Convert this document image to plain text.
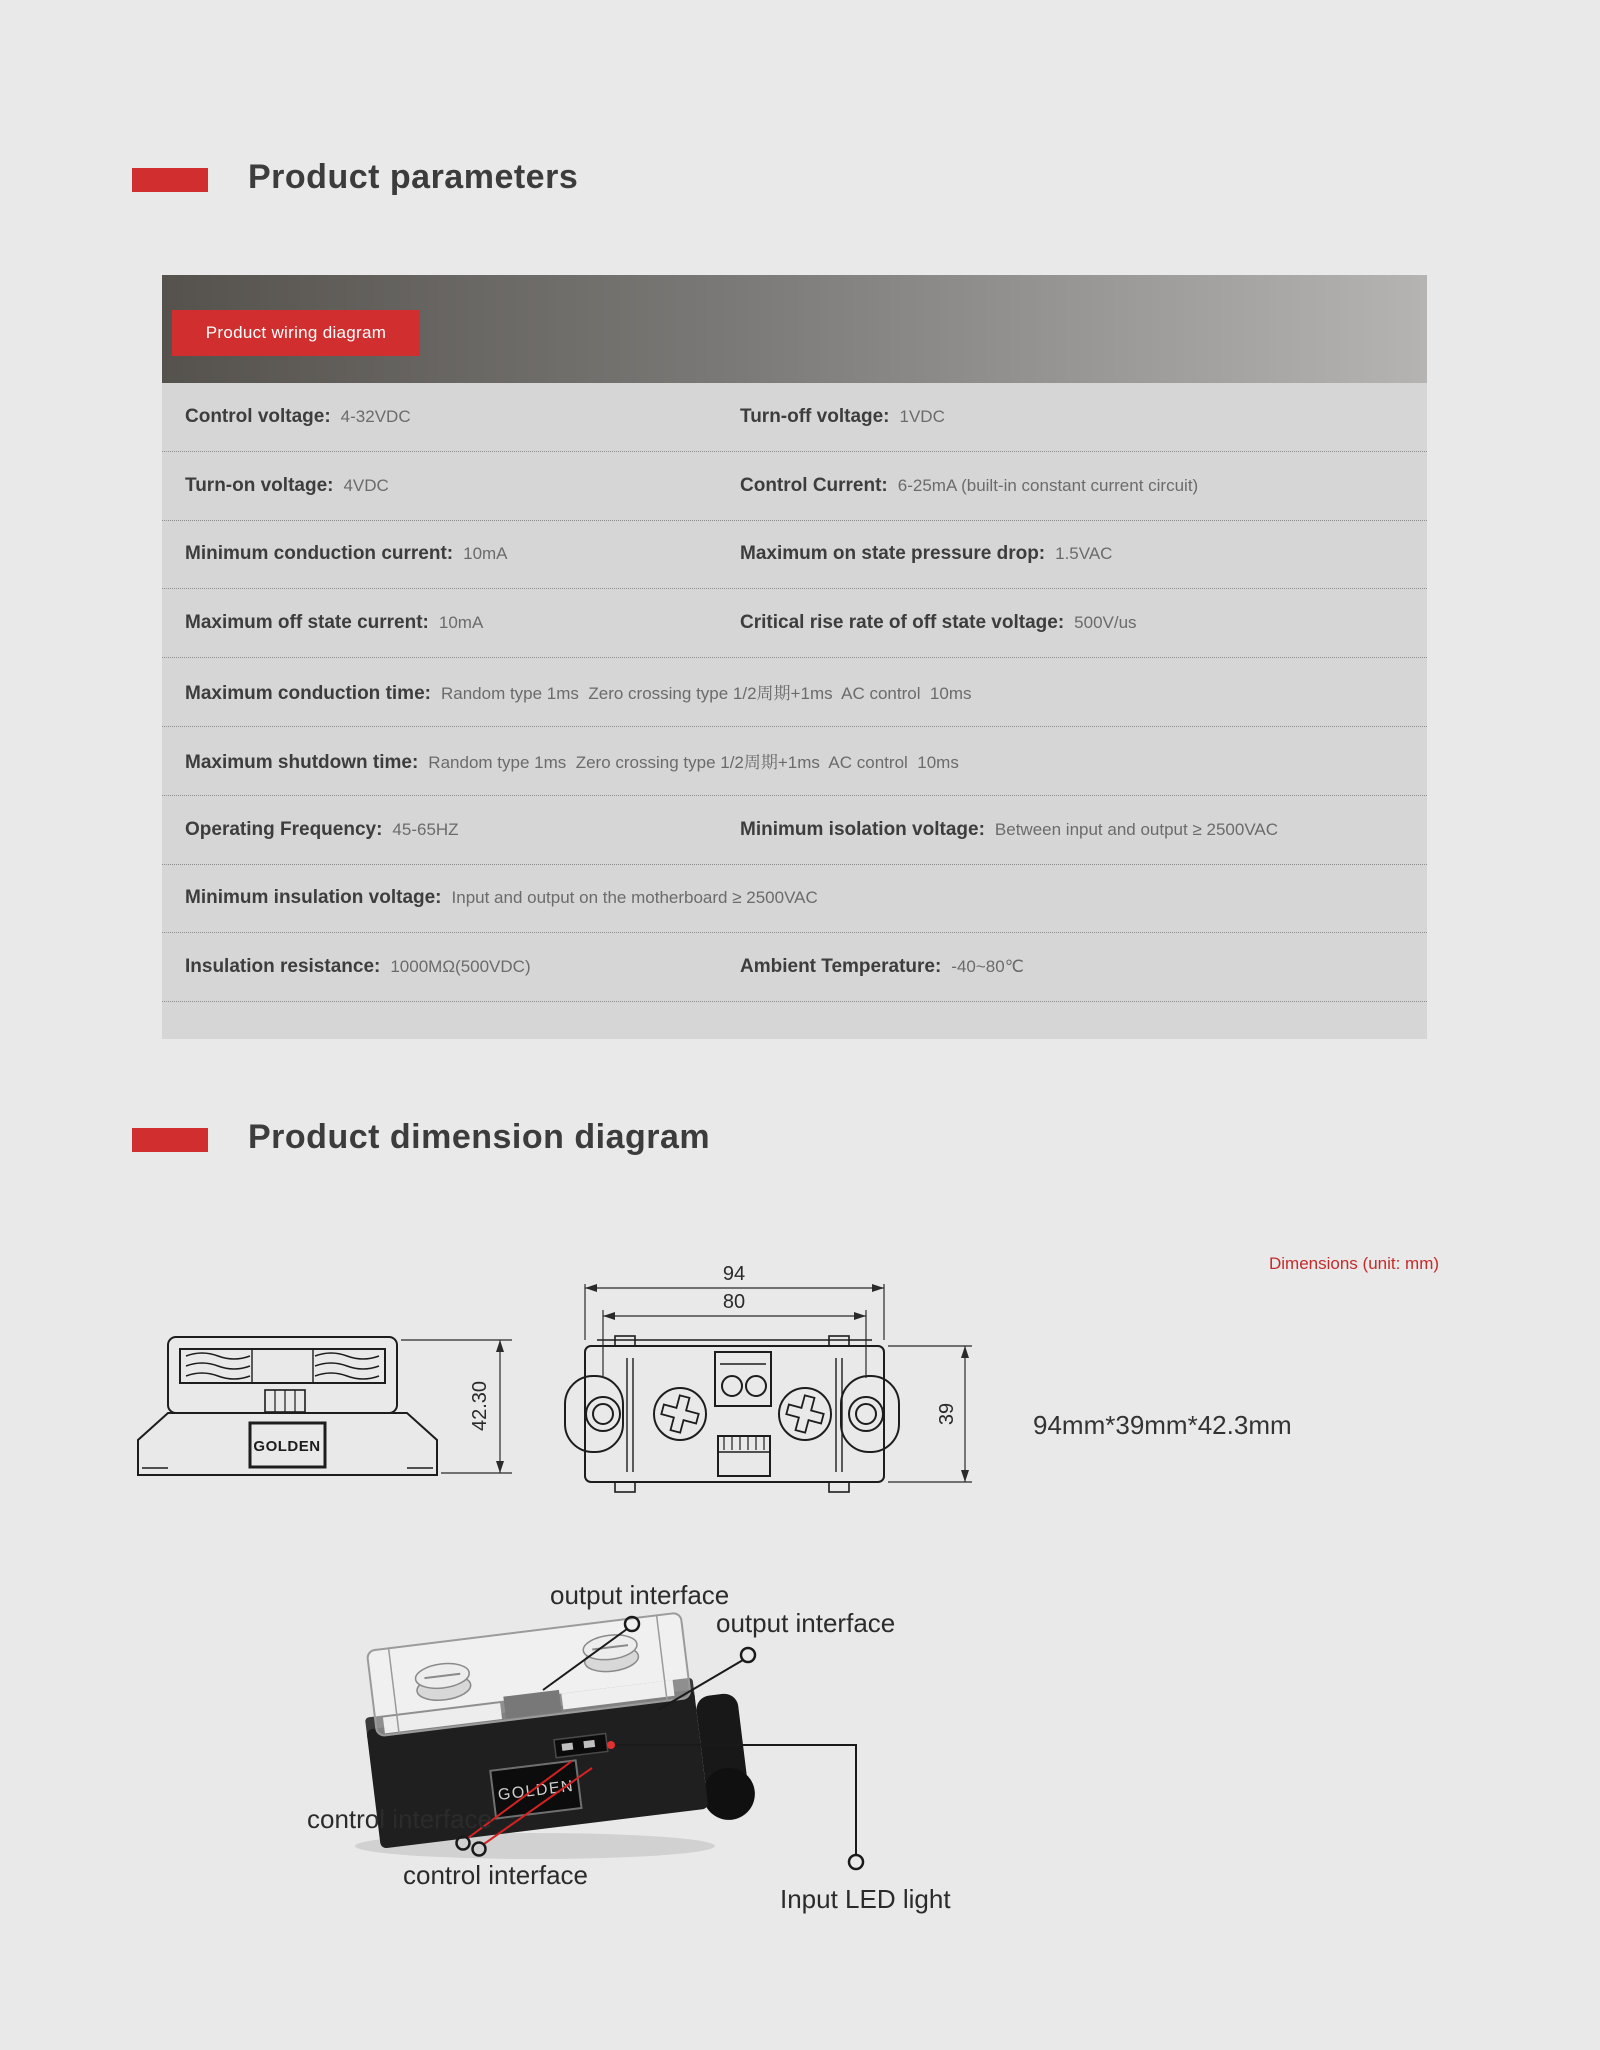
Product parameters
Product wiring diagram
Control voltage: 4-32VDC	Turn-off voltage: 1VDC
Turn-on voltage: 4VDC	Control Current: 6-25mA (built-in constant current circuit)
Minimum conduction current: 10mA	Maximum on state pressure drop: 1.5VAC
Maximum off state current: 10mA	Critical rise rate of off state voltage: 500V/us
Maximum conduction time: Random type 1ms  Zero crossing type 1/2周期+1ms  AC control  10ms
Maximum shutdown time: Random type 1ms  Zero crossing type 1/2周期+1ms  AC control  10ms
Operating Frequency: 45-65HZ	Minimum isolation voltage: Between input and output ≥ 2500VAC
Minimum insulation voltage: Input and output on the motherboard ≥ 2500VAC
Insulation resistance: 1000MΩ(500VDC)	Ambient Temperature: -40~80℃
Product dimension diagram
Dimensions (unit: mm)
94mm*39mm*42.3mm
GOLDEN
42.30
94
80
39
GOLDEN
output interface
output interface
control interface
control interface
Input LED light
